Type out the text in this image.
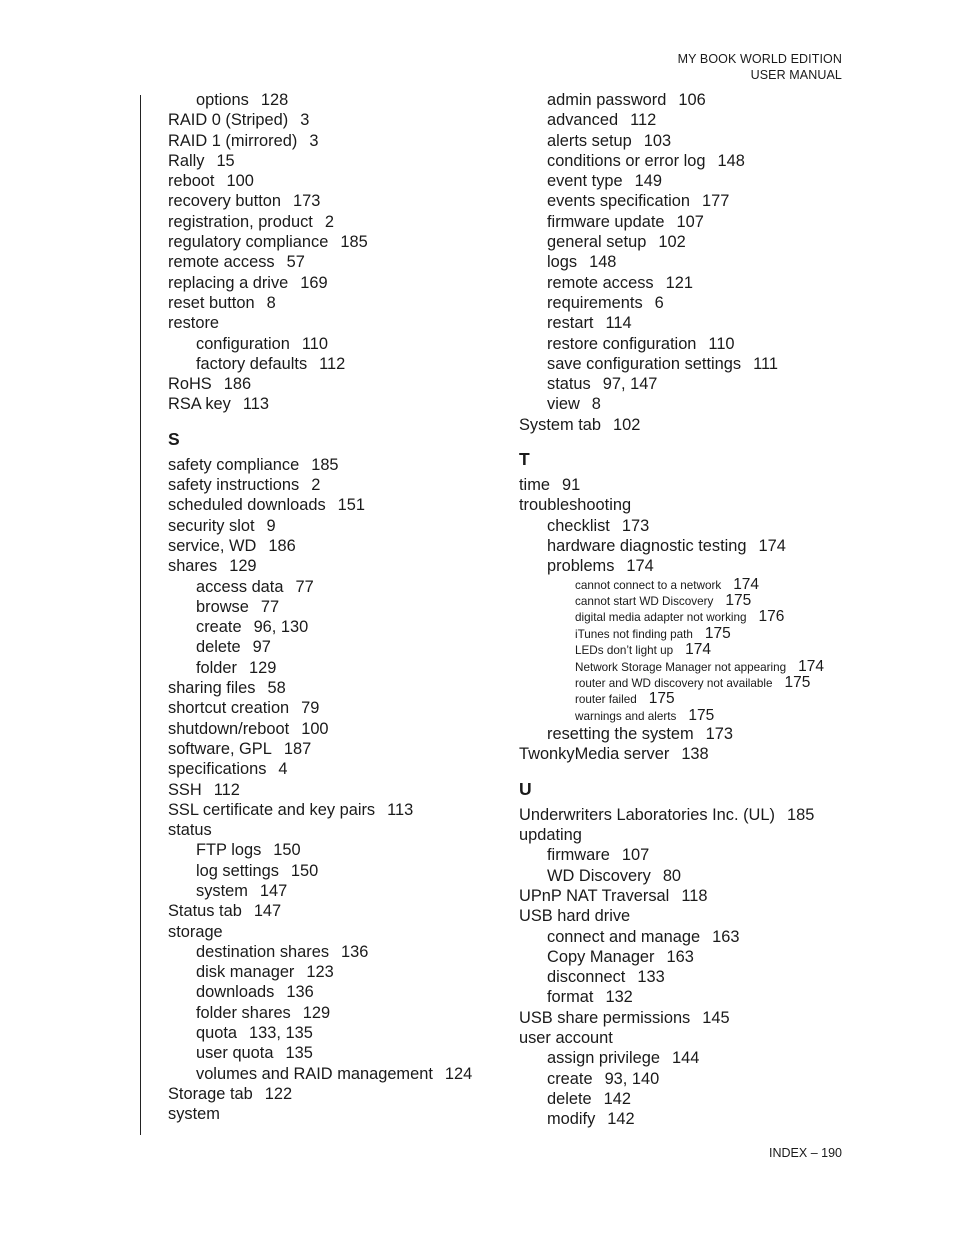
MY BOOK WORLD EDITION
USER MANUAL
options 128
RAID 0 (Striped) 3
RAID 1 (mirrored) 3
Rally 15
reboot 100
recovery button 173
registration, product 2
regulatory compliance 185
remote access 57
replacing a drive 169
reset button 8
restore
configuration 110
factory defaults 112
RoHS 186
RSA key 113
S
safety compliance 185
safety instructions 2
scheduled downloads 151
security slot 9
service, WD 186
shares 129
access data 77
browse 77
create 96, 130
delete 97
folder 129
sharing files 58
shortcut creation 79
shutdown/reboot 100
software, GPL 187
specifications 4
SSH 112
SSL certificate and key pairs 113
status
FTP logs 150
log settings 150
system 147
Status tab 147
storage
destination shares 136
disk manager 123
downloads 136
folder shares 129
quota 133, 135
user quota 135
volumes and RAID management 124
Storage tab 122
system
admin password 106
advanced 112
alerts setup 103
conditions or error log 148
event type 149
events specification 177
firmware update 107
general setup 102
logs 148
remote access 121
requirements 6
restart 114
restore configuration 110
save configuration settings 111
status 97, 147
view 8
System tab 102
T
time 91
troubleshooting
checklist 173
hardware diagnostic testing 174
problems 174
cannot connect to a network 174
cannot start WD Discovery 175
digital media adapter not working 176
iTunes not finding path 175
LEDs don’t light up 174
Network Storage Manager not appearing 174
router and WD discovery not available 175
router failed 175
warnings and alerts 175
resetting the system 173
TwonkyMedia server 138
U
Underwriters Laboratories Inc. (UL) 185
updating
firmware 107
WD Discovery 80
UPnP NAT Traversal 118
USB hard drive
connect and manage 163
Copy Manager 163
disconnect 133
format 132
USB share permissions 145
user account
assign privilege 144
create 93, 140
delete 142
modify 142
INDEX – 190
